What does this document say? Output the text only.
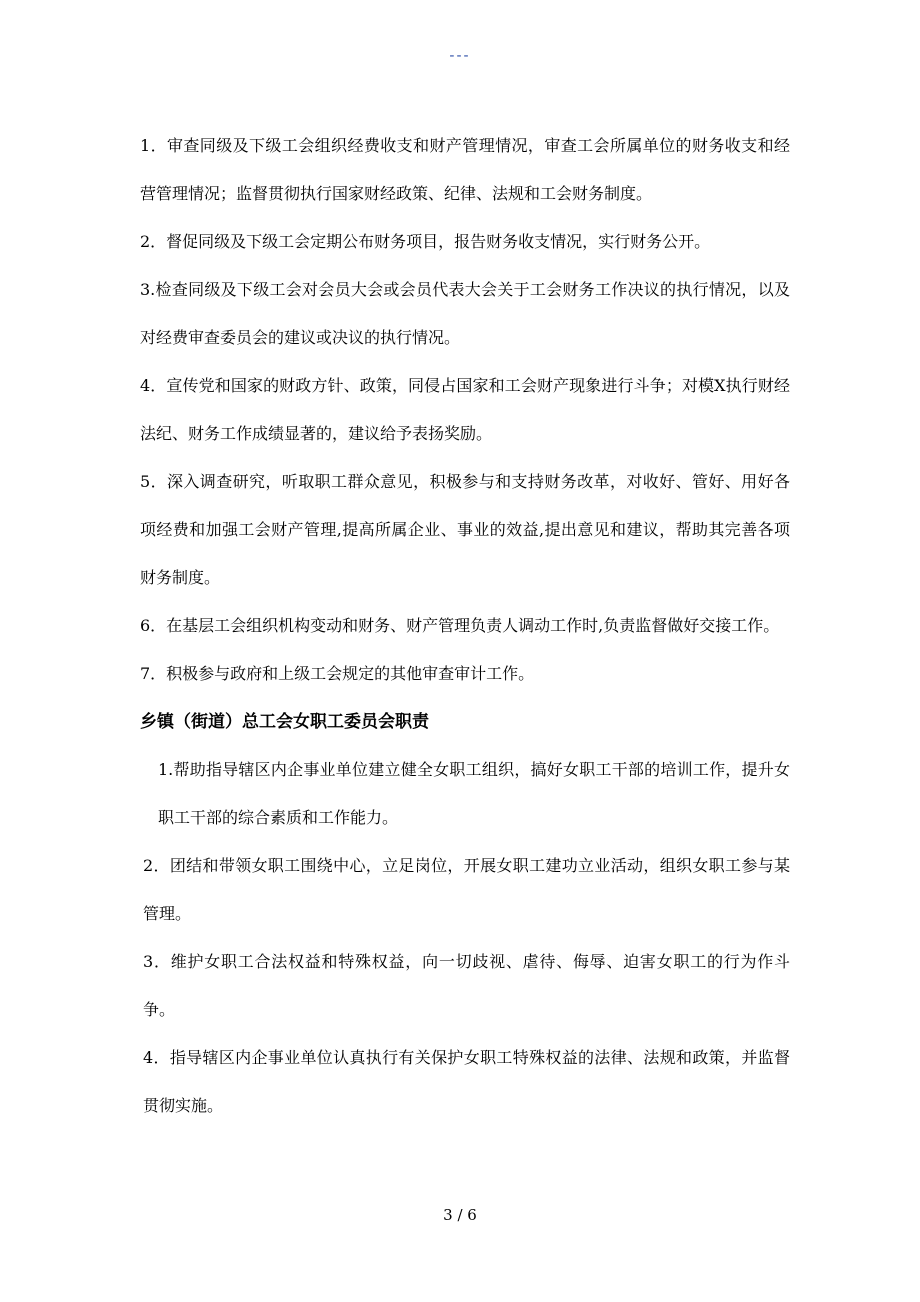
---

1．审查同级及下级工会组织经费收支和财产管理情况，审查工会所属单位的财务收支和经营管理情况；监督贯彻执行国家财经政策、纪律、法规和工会财务制度。

2．督促同级及下级工会定期公布财务项目，报告财务收支情况，实行财务公开。

3.检查同级及下级工会对会员大会或会员代表大会关于工会财务工作决议的执行情况，以及对经费审查委员会的建议或决议的执行情况。

4．宣传党和国家的财政方针、政策，同侵占国家和工会财产现象进行斗争；对模X执行财经法纪、财务工作成绩显著的，建议给予表扬奖励。

5．深入调查研究，听取职工群众意见，积极参与和支持财务改革，对收好、管好、用好各项经费和加强工会财产管理,提高所属企业、事业的效益,提出意见和建议，帮助其完善各项财务制度。

6．在基层工会组织机构变动和财务、财产管理负责人调动工作时,负责监督做好交接工作。

7．积极参与政府和上级工会规定的其他审查审计工作。

乡镇（街道）总工会女职工委员会职责

1.帮助指导辖区内企事业单位建立健全女职工组织，搞好女职工干部的培训工作，提升女职工干部的综合素质和工作能力。

2．团结和带领女职工围绕中心，立足岗位，开展女职工建功立业活动，组织女职工参与某管理。

3．维护女职工合法权益和特殊权益，向一切歧视、虐待、侮辱、迫害女职工的行为作斗争。

4．指导辖区内企事业单位认真执行有关保护女职工特殊权益的法律、法规和政策，并监督贯彻实施。

3 / 6
